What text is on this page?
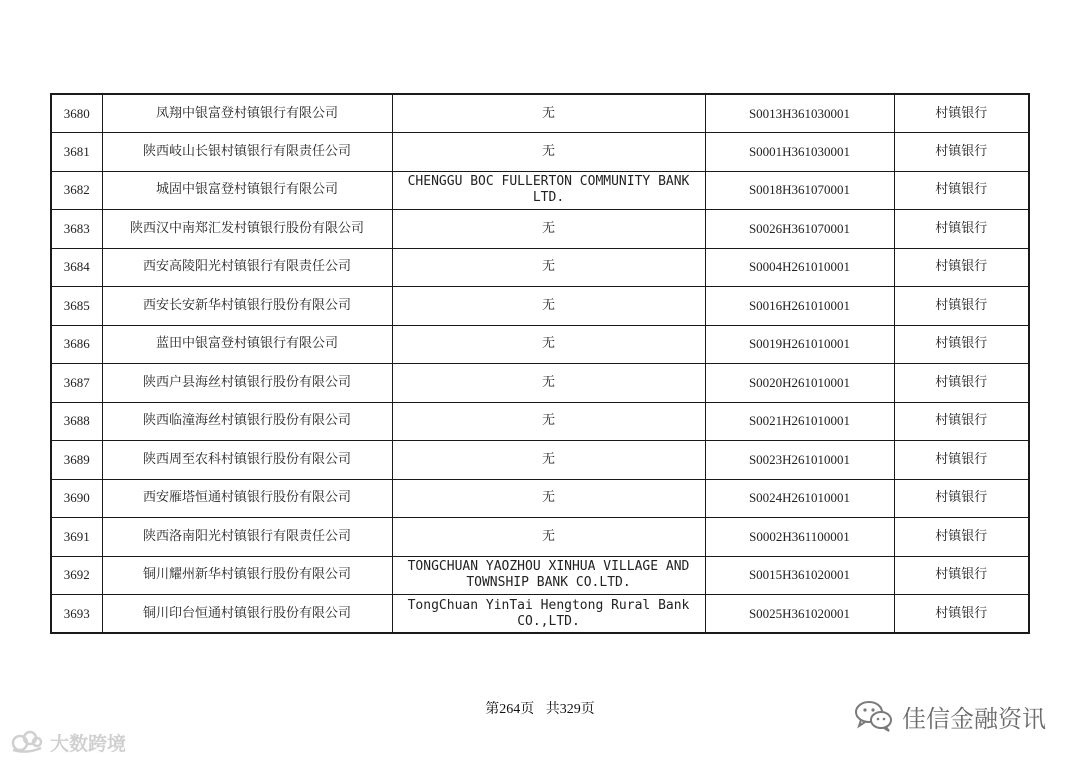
3680	凤翔中银富登村镇银行有限公司	无	S0013H361030001	村镇银行
3681	陕西岐山长银村镇银行有限责任公司	无	S0001H361030001	村镇银行
3682	城固中银富登村镇银行有限公司	CHENGGU BOC FULLERTON COMMUNITY BANK LTD.	S0018H361070001	村镇银行
3683	陕西汉中南郑汇发村镇银行股份有限公司	无	S0026H361070001	村镇银行
3684	西安高陵阳光村镇银行有限责任公司	无	S0004H261010001	村镇银行
3685	西安长安新华村镇银行股份有限公司	无	S0016H261010001	村镇银行
3686	蓝田中银富登村镇银行有限公司	无	S0019H261010001	村镇银行
3687	陕西户县海丝村镇银行股份有限公司	无	S0020H261010001	村镇银行
3688	陕西临潼海丝村镇银行股份有限公司	无	S0021H261010001	村镇银行
3689	陕西周至农科村镇银行股份有限公司	无	S0023H261010001	村镇银行
3690	西安雁塔恒通村镇银行股份有限公司	无	S0024H261010001	村镇银行
3691	陕西洛南阳光村镇银行有限责任公司	无	S0002H361100001	村镇银行
3692	铜川耀州新华村镇银行股份有限公司	TONGCHUAN YAOZHOU XINHUA VILLAGE AND TOWNSHIP BANK CO.LTD.	S0015H361020001	村镇银行
3693	铜川印台恒通村镇银行股份有限公司	TongChuan YinTai Hengtong Rural Bank CO.,LTD.	S0025H361020001	村镇银行
第264页 共329页
大数跨境
佳信金融资讯
